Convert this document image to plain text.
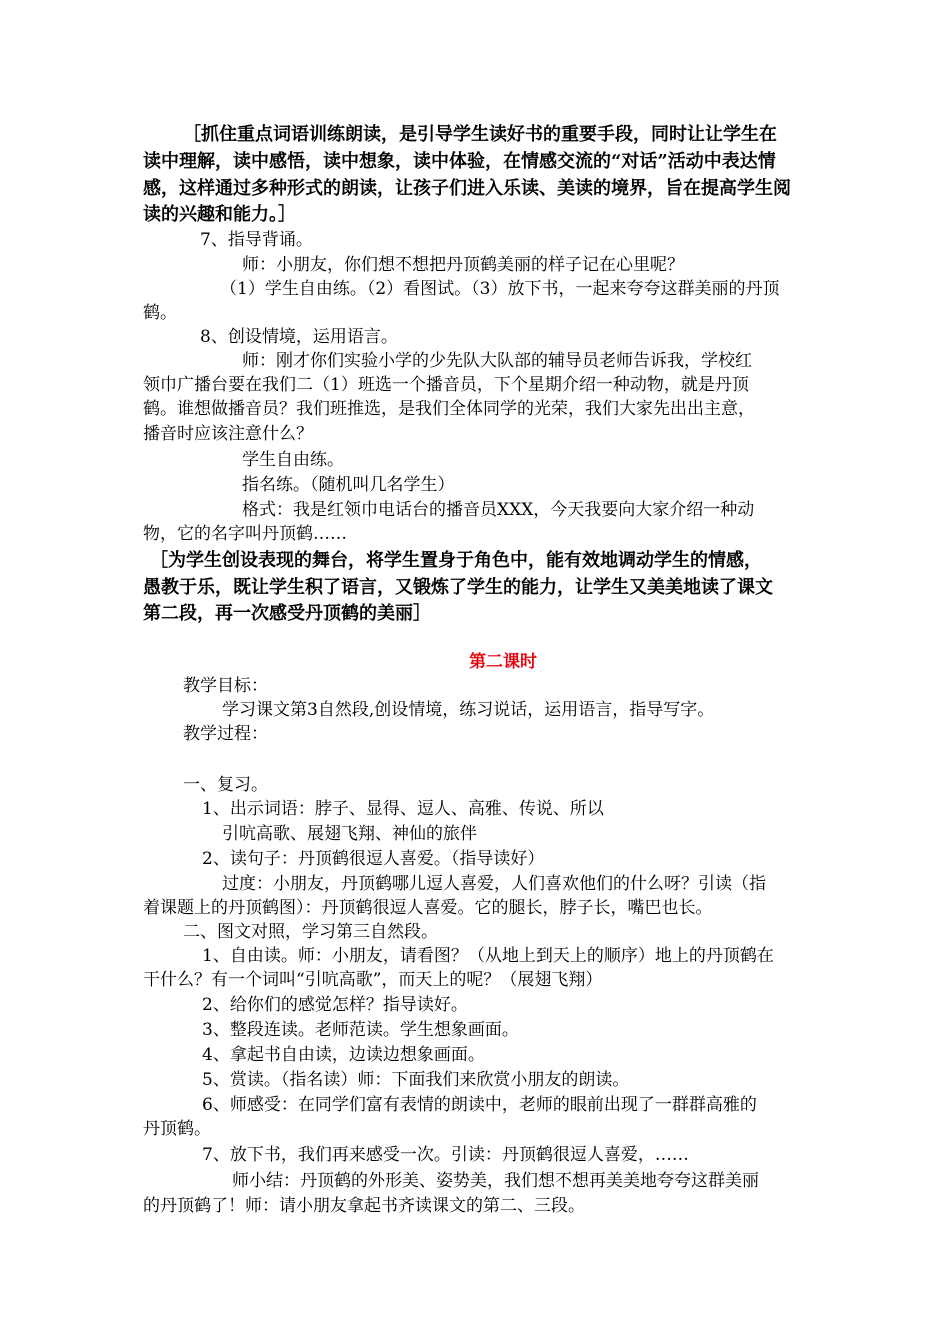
［抓住重点词语训练朗读，是引导学生读好书的重要手段，同时让让学生在
读中理解，读中感悟，读中想象，读中体验，在情感交流的“对话”活动中表达情
感，这样通过多种形式的朗读，让孩子们进入乐读、美读的境界，旨在提高学生阅
读的兴趣和能力。］
7、指导背诵。
师：小朋友，你们想不想把丹顶鹤美丽的样子记在心里呢？
（1）学生自由练。（2）看图试。（3）放下书，一起来夸夸这群美丽的丹顶
鹤。
8、创设情境，运用语言。
师：刚才你们实验小学的少先队大队部的辅导员老师告诉我，学校红
领巾广播台要在我们二（1）班选一个播音员，下个星期介绍一种动物，就是丹顶
鹤。谁想做播音员？我们班推选，是我们全体同学的光荣，我们大家先出出主意，
播音时应该注意什么？
学生自由练。
指名练。（随机叫几名学生）
格式：我是红领巾电话台的播音员XXX，今天我要向大家介绍一种动
物，它的名字叫丹顶鹤……
［为学生创设表现的舞台，将学生置身于角色中，能有效地调动学生的情感，
愚教于乐，既让学生积了语言，又锻炼了学生的能力，让学生又美美地读了课文
第二段，再一次感受丹顶鹤的美丽］
第二课时
教学目标：
学习课文第3自然段,创设情境，练习说话，运用语言，指导写字。
教学过程：
一、复习。
1、出示词语：脖子、显得、逗人、高雅、传说、所以
引吭高歌、展翅飞翔、神仙的旅伴
2、读句子：丹顶鹤很逗人喜爱。（指导读好）
过度：小朋友，丹顶鹤哪儿逗人喜爱，人们喜欢他们的什么呀？引读（指
着课题上的丹顶鹤图）：丹顶鹤很逗人喜爱。它的腿长，脖子长，嘴巴也长。
二、图文对照，学习第三自然段。
1、自由读。师：小朋友，请看图？（从地上到天上的顺序）地上的丹顶鹤在
干什么？有一个词叫“引吭高歌”，而天上的呢？（展翅飞翔）
2、给你们的感觉怎样？指导读好。
3、整段连读。老师范读。学生想象画面。
4、拿起书自由读，边读边想象画面。
5、赏读。（指名读）师：下面我们来欣赏小朋友的朗读。
6、师感受：在同学们富有表情的朗读中，老师的眼前出现了一群群高雅的
丹顶鹤。
7、放下书，我们再来感受一次。引读：丹顶鹤很逗人喜爱，……
师小结：丹顶鹤的外形美、姿势美，我们想不想再美美地夸夸这群美丽
的丹顶鹤了！师：请小朋友拿起书齐读课文的第二、三段。
